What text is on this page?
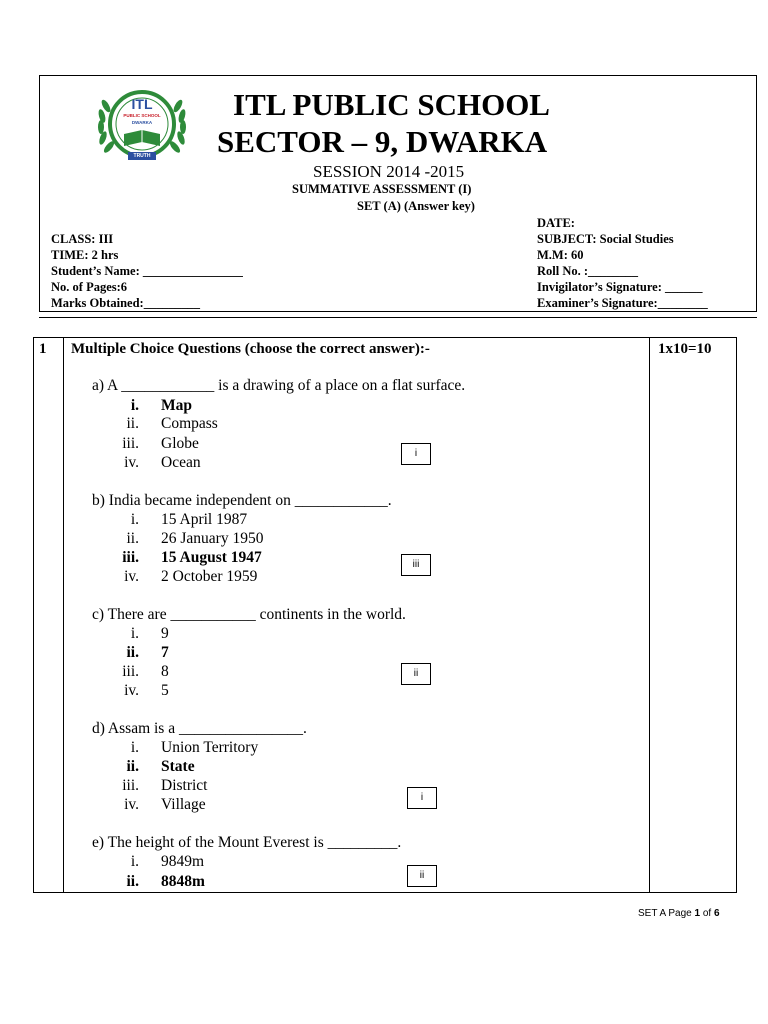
ITL
PUBLIC SCHOOL
DWARKA
TRUTH
ITL PUBLIC SCHOOL
SECTOR – 9, DWARKA
SESSION 2014 -2015
SUMMATIVE ASSESSMENT (I)
SET (A) (Answer key)
CLASS: III
TIME: 2 hrs
Student’s Name: ________________
No. of Pages:6
Marks Obtained:_________
DATE:
SUBJECT: Social Studies
M.M: 60
Roll No. :________
Invigilator’s Signature: ______
Examiner’s Signature:________
1 Multiple Choice Questions (choose the correct answer):-	1x10=10
a) A ____________ is a drawing of a place on a flat surface.
i. Map
ii. Compass
iii. Globe
iv. Ocean
i
b) India became independent on ____________.
i. 15 April 1987
ii. 26 January 1950
iii. 15 August 1947
iv. 2 October 1959
iii
c) There are ___________ continents in the world.
i. 9
ii. 7
iii. 8
iv. 5
ii
d) Assam is a ________________.
i. Union Territory
ii. State
iii. District
iv. Village	i
e) The height of the Mount Everest is _________.
i. 9849m
ii. 8848m	ii
SET A Page 1 of 6
